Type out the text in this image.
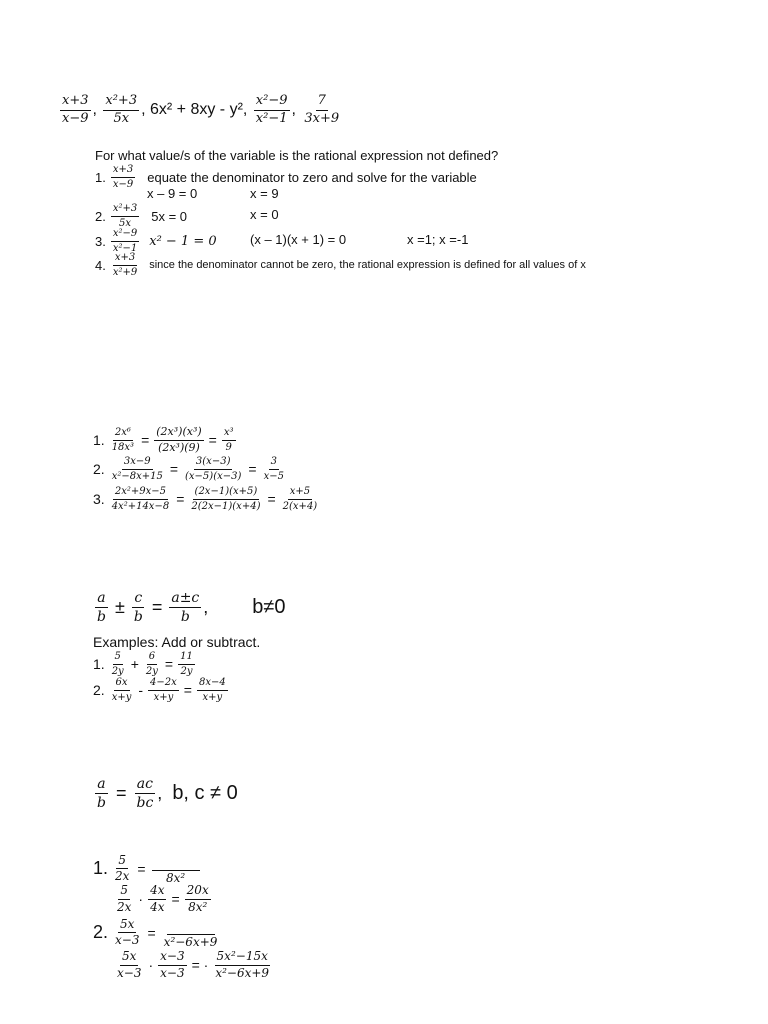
x+3
x−9 ,
x²+3
5x , 6x² + 8xy - y² ,
x²−9
x²−1 ,
7
3x+9
For what value/s of the variable is the rational expression not defined?
1. x+3
x−9 equate the denominator to zero and solve for the variable
x – 9 = 0	x = 9
2. x²+3
5x 5x = 0	x = 0
3. x²−9
x²−1 x² − 1 = 0	(x – 1)(x + 1) = 0	x =1; x =-1
4. x+3
x²+9
since the denominator cannot be zero, the rational expression is defined for all values of x
1. $\frac{\text{2x⁶}}{\text{18x³}} = \frac{\text{(2x³)(x³)}}{\text{(2x³)(9)}} = \frac{\text{x³}}{9}$
2. $\frac{3x-9}{\text{x²−8x+15}} = \frac{3(x-3)}{(x-5)(x-3)} = \frac{3}{x-5}$
3. $\frac{\text{2x²+9x−5}}{\text{4x²+14x−8}} = \frac{(2x-1)(x+5)}{2(2x-1)(x+4)} = \frac{x+5}{2(x+4)}$
a
$b \pm \frac{c}{b} = \frac{a\pm c}{b}$ , b≠0
Examples: Add or subtract.
1. 5
$2y + \frac{6}{2y} = \frac{11}{2y}$
2. 6x
$x+y - \frac{4-2x}{x+y} = \frac{8x-4}{x+y}$
$\frac{a}{b} = \frac{ac}{bc}$ , b, c ≠ 0
1. $\frac{5}{2x}$ =
8x²
5
$2x \cdot \frac{4x}{4x} = \frac{20x}{\text{8x²}}$
2. $\frac{5x}{x-3}$ =
x²−6x+9
5x
$x-3 \cdot \frac{x-3}{x-3}$ = ·
5x²−15x
x²−6x+9
